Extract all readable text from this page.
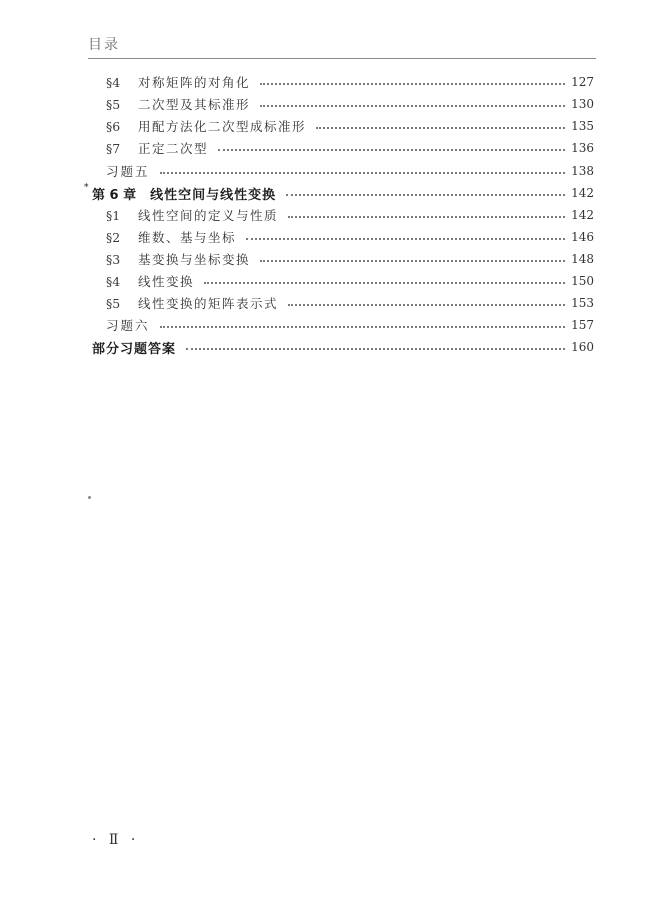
目录
§4	对称矩阵的对角化	127
§5	二次型及其标准形	130
§6	用配方法化二次型成标准形	135
§7	正定二次型	136
习题五	138
第 6 章 线性空间与线性变换	142
*
§1	线性空间的定义与性质	142
§2	维数、基与坐标	146
§3	基变换与坐标变换	148
§4	线性变换	150
§5	线性变换的矩阵表示式	153
习题六	157
部分习题答案	160
· Ⅱ ·
